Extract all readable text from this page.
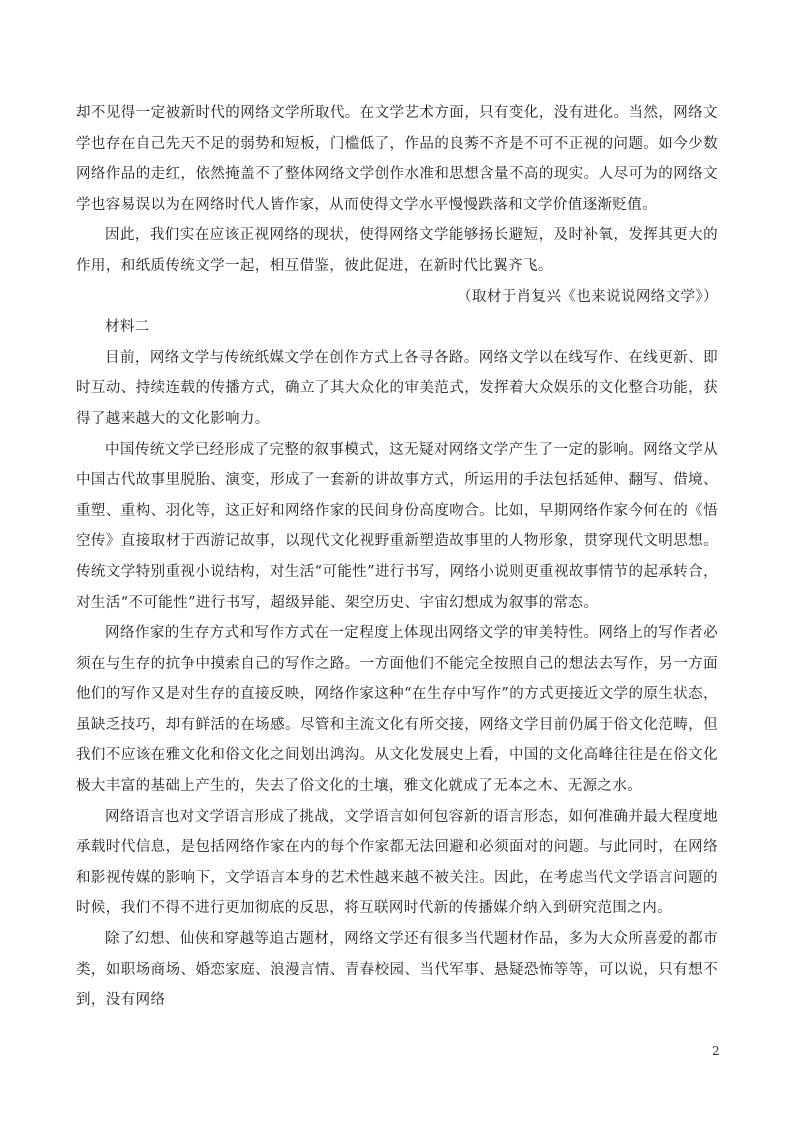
却不见得一定被新时代的网络文学所取代。在文学艺术方面，只有变化，没有进化。当然，网络文学也存在自己先天不足的弱势和短板，门槛低了，作品的良莠不齐是不可不正视的问题。如今少数网络作品的走红，依然掩盖不了整体网络文学创作水准和思想含量不高的现实。人尽可为的网络文学也容易误以为在网络时代人皆作家，从而使得文学水平慢慢跌落和文学价值逐渐贬值。

因此，我们实在应该正视网络的现状，使得网络文学能够扬长避短，及时补氧，发挥其更大的作用，和纸质传统文学一起，相互借鉴，彼此促进，在新时代比翼齐飞。

（取材于肖复兴《也来说说网络文学》）

材料二

目前，网络文学与传统纸媒文学在创作方式上各寻各路。网络文学以在线写作、在线更新、即时互动、持续连载的传播方式，确立了其大众化的审美范式，发挥着大众娱乐的文化整合功能，获得了越来越大的文化影响力。

中国传统文学已经形成了完整的叙事模式，这无疑对网络文学产生了一定的影响。网络文学从中国古代故事里脱胎、演变，形成了一套新的讲故事方式，所运用的手法包括延伸、翻写、借境、重塑、重构、羽化等，这正好和网络作家的民间身份高度吻合。比如，早期网络作家今何在的《悟空传》直接取材于西游记故事，以现代文化视野重新塑造故事里的人物形象，贯穿现代文明思想。传统文学特别重视小说结构，对生活“可能性”进行书写，网络小说则更重视故事情节的起承转合，对生活“不可能性”进行书写，超级异能、架空历史、宇宙幻想成为叙事的常态。

网络作家的生存方式和写作方式在一定程度上体现出网络文学的审美特性。网络上的写作者必须在与生存的抗争中摸索自己的写作之路。一方面他们不能完全按照自己的想法去写作，另一方面他们的写作又是对生存的直接反映，网络作家这种“在生存中写作”的方式更接近文学的原生状态，虽缺乏技巧，却有鲜活的在场感。尽管和主流文化有所交接，网络文学目前仍属于俗文化范畴，但我们不应该在雅文化和俗文化之间划出鸿沟。从文化发展史上看，中国的文化高峰往往是在俗文化极大丰富的基础上产生的，失去了俗文化的土壤，雅文化就成了无本之木、无源之水。

网络语言也对文学语言形成了挑战，文学语言如何包容新的语言形态，如何准确并最大程度地承载时代信息，是包括网络作家在内的每个作家都无法回避和必须面对的问题。与此同时，在网络和影视传媒的影响下，文学语言本身的艺术性越来越不被关注。因此，在考虑当代文学语言问题的时候，我们不得不进行更加彻底的反思，将互联网时代新的传播媒介纳入到研究范围之内。

除了幻想、仙侠和穿越等追古题材，网络文学还有很多当代题材作品，多为大众所喜爱的都市类，如职场商场、婚恋家庭、浪漫言情、青春校园、当代军事、悬疑恐怖等等，可以说，只有想不到，没有网络

2
